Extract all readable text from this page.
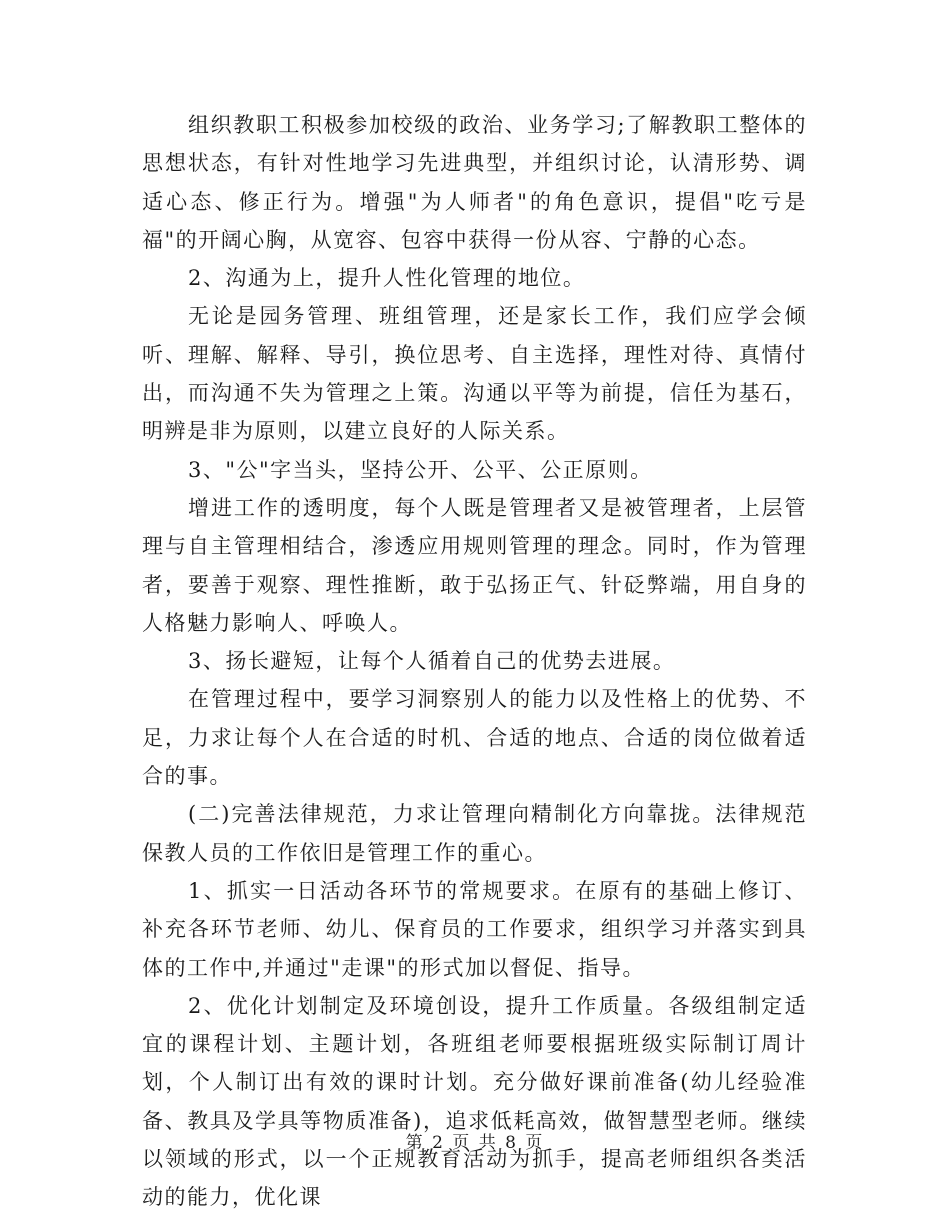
组织教职工积极参加校级的政治、业务学习;了解教职工整体的思想状态，有针对性地学习先进典型，并组织讨论，认清形势、调适心态、修正行为。增强"为人师者"的角色意识，提倡"吃亏是福"的开阔心胸，从宽容、包容中获得一份从容、宁静的心态。

2、沟通为上，提升人性化管理的地位。

无论是园务管理、班组管理，还是家长工作，我们应学会倾听、理解、解释、导引，换位思考、自主选择，理性对待、真情付出，而沟通不失为管理之上策。沟通以平等为前提，信任为基石，明辨是非为原则，以建立良好的人际关系。

3、"公"字当头，坚持公开、公平、公正原则。

增进工作的透明度，每个人既是管理者又是被管理者，上层管理与自主管理相结合，渗透应用规则管理的理念。同时，作为管理者，要善于观察、理性推断，敢于弘扬正气、针砭弊端，用自身的人格魅力影响人、呼唤人。

3、扬长避短，让每个人循着自己的优势去进展。

在管理过程中，要学习洞察别人的能力以及性格上的优势、不足，力求让每个人在合适的时机、合适的地点、合适的岗位做着适合的事。

(二)完善法律规范，力求让管理向精制化方向靠拢。法律规范保教人员的工作依旧是管理工作的重心。

1、抓实一日活动各环节的常规要求。在原有的基础上修订、补充各环节老师、幼儿、保育员的工作要求，组织学习并落实到具体的工作中,并通过"走课"的形式加以督促、指导。

2、优化计划制定及环境创设，提升工作质量。各级组制定适宜的课程计划、主题计划，各班组老师要根据班级实际制订周计划，个人制订出有效的课时计划。充分做好课前准备(幼儿经验准备、教具及学具等物质准备)，追求低耗高效，做智慧型老师。继续以领域的形式，以一个正规教育活动为抓手，提高老师组织各类活动的能力，优化课

第 2 页 共 8 页
